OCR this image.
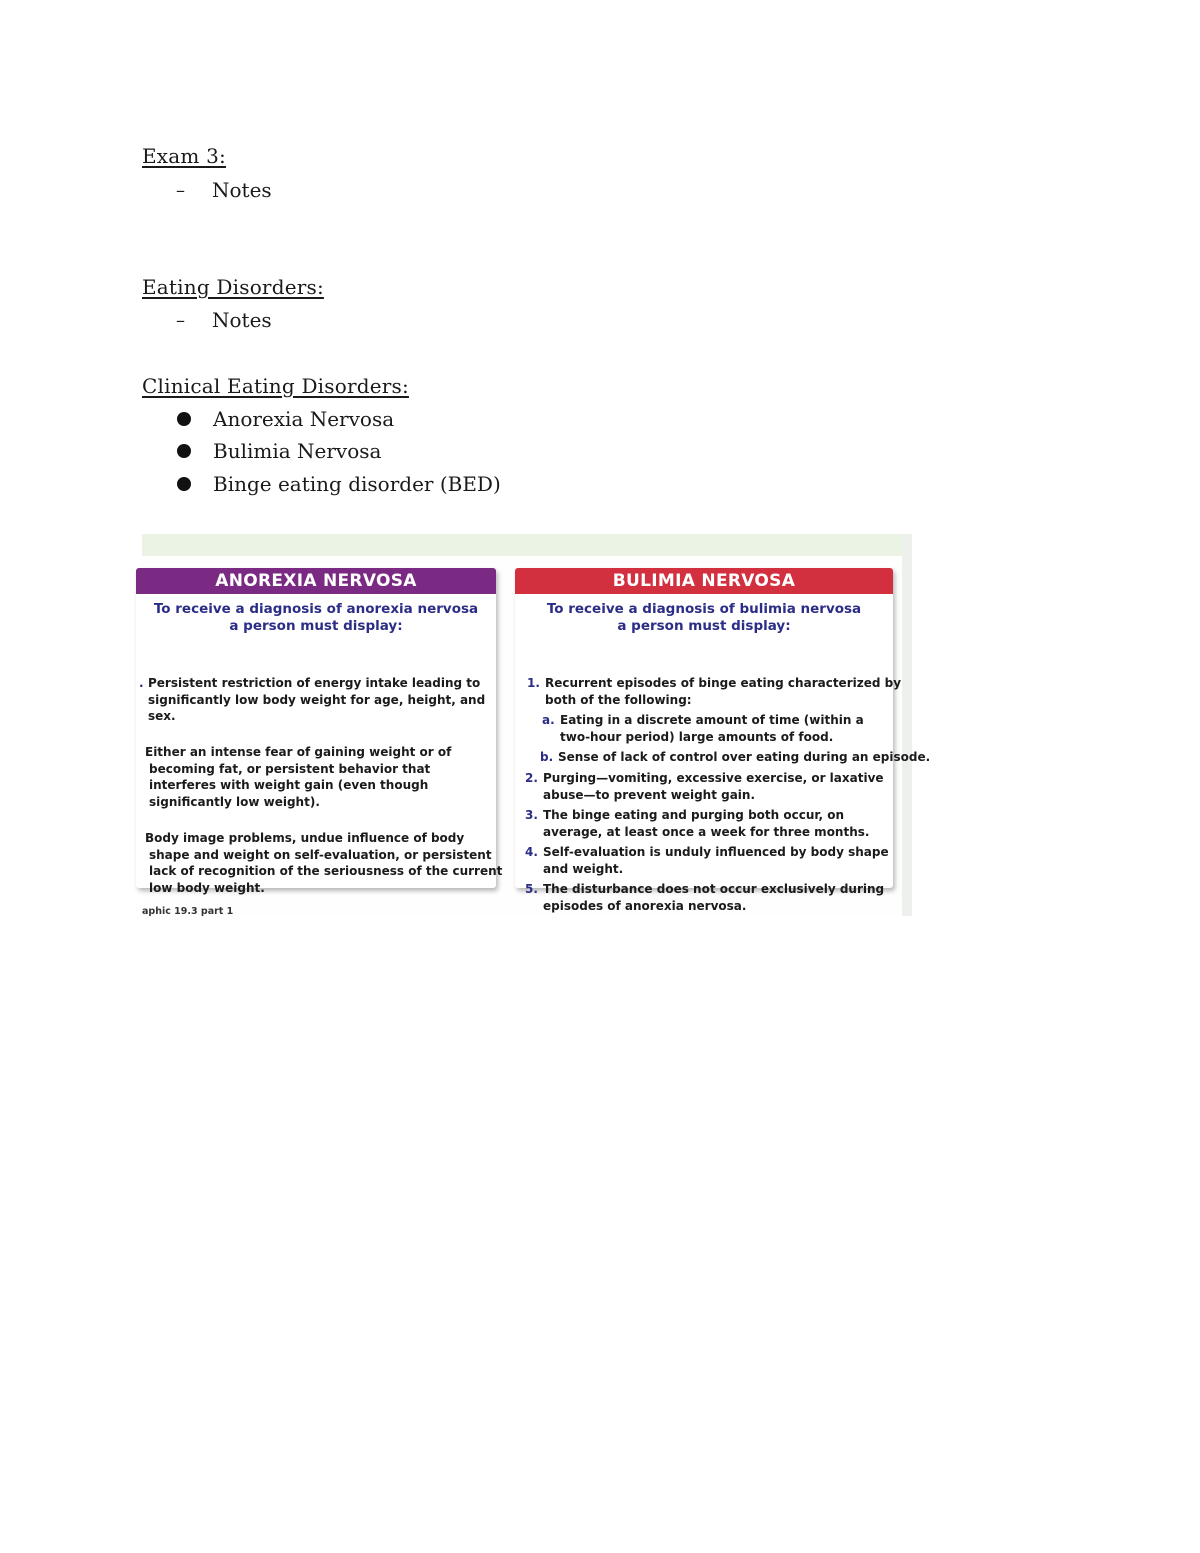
Exam 3:
–	Notes
Eating Disorders:
–	Notes
Clinical Eating Disorders:
Anorexia Nervosa
Bulimia Nervosa
Binge eating disorder (BED)
ANOREXIA NERVOSA
To receive a diagnosis of anorexia nervosa
a person must display:
. Persistent restriction of energy intake leading to
significantly low body weight for age, height, and
sex.
Either an intense fear of gaining weight or of
becoming fat, or persistent behavior that
interferes with weight gain (even though
significantly low weight).
Body image problems, undue influence of body
shape and weight on self-evaluation, or persistent
lack of recognition of the seriousness of the current
low body weight.
BULIMIA NERVOSA
To receive a diagnosis of bulimia nervosa
a person must display:
1. Recurrent episodes of binge eating characterized by
both of the following:
a. Eating in a discrete amount of time (within a
two-hour period) large amounts of food.
b. Sense of lack of control over eating during an episode.
2. Purging—vomiting, excessive exercise, or laxative
abuse—to prevent weight gain.
3. The binge eating and purging both occur, on
average, at least once a week for three months.
4. Self-evaluation is unduly influenced by body shape
and weight.
5. The disturbance does not occur exclusively during
episodes of anorexia nervosa.
aphic 19.3 part 1
